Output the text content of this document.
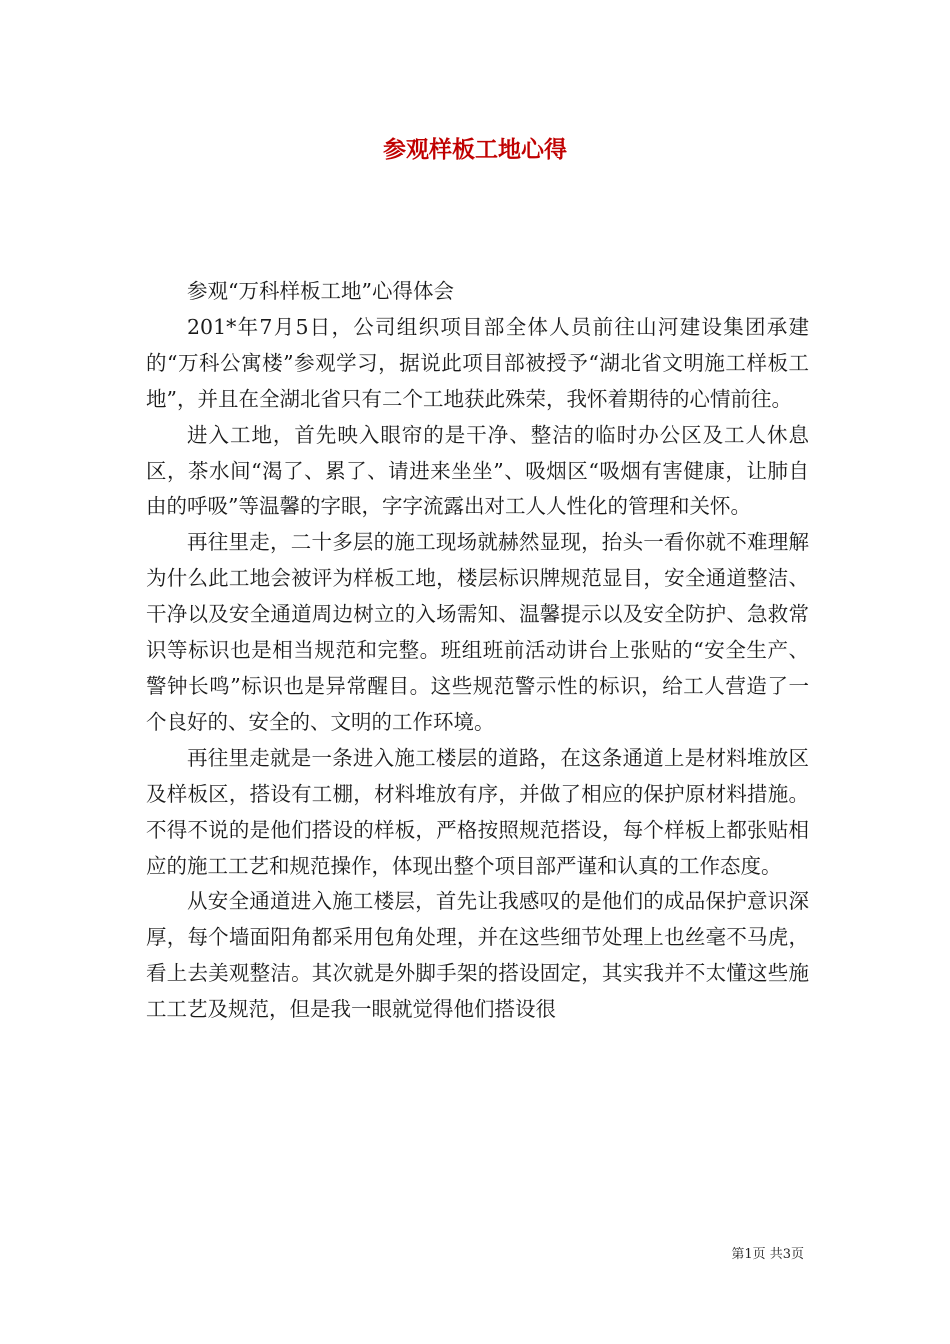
参观样板工地心得

参观“万科样板工地”心得体会

201*年7月5日，公司组织项目部全体人员前往山河建设集团承建的“万科公寓楼”参观学习，据说此项目部被授予“湖北省文明施工样板工地”，并且在全湖北省只有二个工地获此殊荣，我怀着期待的心情前往。

进入工地，首先映入眼帘的是干净、整洁的临时办公区及工人休息区，茶水间“渴了、累了、请进来坐坐”、吸烟区“吸烟有害健康，让肺自由的呼吸”等温馨的字眼，字字流露出对工人人性化的管理和关怀。

再往里走，二十多层的施工现场就赫然显现，抬头一看你就不难理解为什么此工地会被评为样板工地，楼层标识牌规范显目，安全通道整洁、干净以及安全通道周边树立的入场需知、温馨提示以及安全防护、急救常识等标识也是相当规范和完整。班组班前活动讲台上张贴的“安全生产、警钟长鸣”标识也是异常醒目。这些规范警示性的标识，给工人营造了一个良好的、安全的、文明的工作环境。

再往里走就是一条进入施工楼层的道路，在这条通道上是材料堆放区及样板区，搭设有工棚，材料堆放有序，并做了相应的保护原材料措施。不得不说的是他们搭设的样板，严格按照规范搭设，每个样板上都张贴相应的施工工艺和规范操作，体现出整个项目部严谨和认真的工作态度。

从安全通道进入施工楼层，首先让我感叹的是他们的成品保护意识深厚，每个墙面阳角都采用包角处理，并在这些细节处理上也丝毫不马虎，看上去美观整洁。其次就是外脚手架的搭设固定，其实我并不太懂这些施工工艺及规范，但是我一眼就觉得他们搭设很

第1页 共3页
